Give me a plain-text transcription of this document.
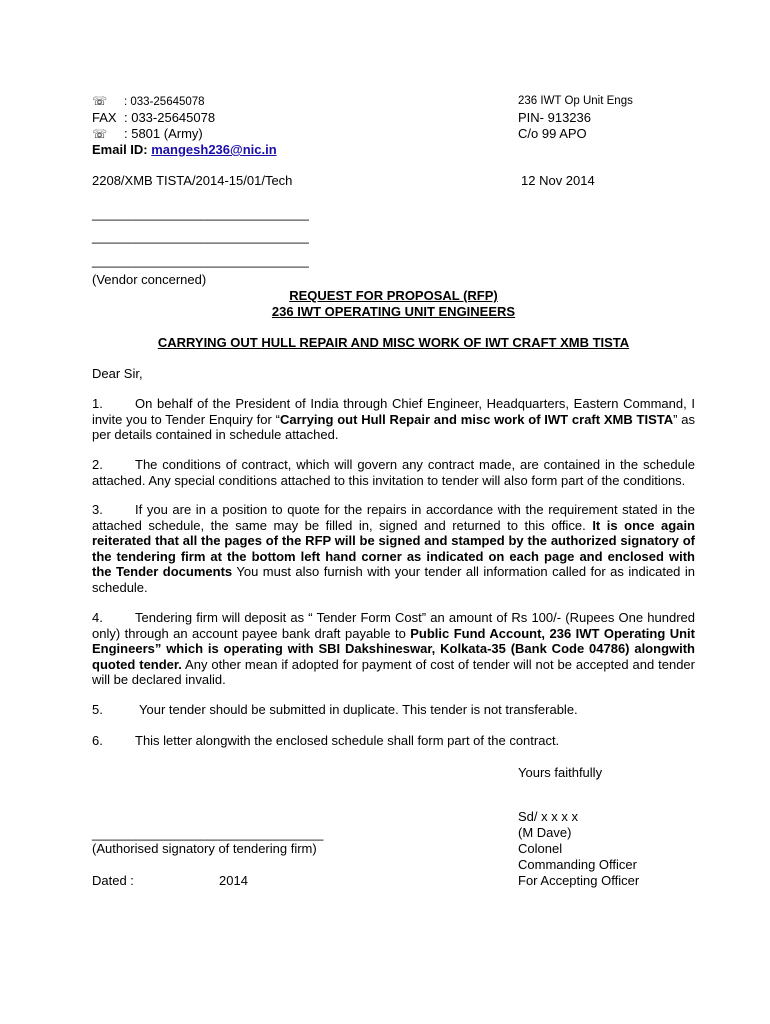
☏ : 033-25645078
FAX : 033-25645078
☏ : 5801 (Army)
Email ID: mangesh236@nic.in
236 IWT Op Unit Engs
PIN- 913236
C/o 99 APO
2208/XMB TISTA/2014-15/01/Tech	12 Nov 2014
______________________________
______________________________
______________________________
(Vendor concerned)
REQUEST FOR PROPOSAL (RFP)
236 IWT OPERATING UNIT ENGINEERS
CARRYING OUT HULL REPAIR AND MISC WORK OF IWT CRAFT XMB TISTA
Dear Sir,
1. On behalf of the President of India through Chief Engineer, Headquarters, Eastern Command, I invite you to Tender Enquiry for “Carrying out Hull Repair and misc work of IWT craft XMB TISTA” as per details contained in schedule attached.
2. The conditions of contract, which will govern any contract made, are contained in the schedule attached. Any special conditions attached to this invitation to tender will also form part of the conditions.
3. If you are in a position to quote for the repairs in accordance with the requirement stated in the attached schedule, the same may be filled in, signed and returned to this office. It is once again reiterated that all the pages of the RFP will be signed and stamped by the authorized signatory of the tendering firm at the bottom left hand corner as indicated on each page and enclosed with the Tender documents You must also furnish with your tender all information called for as indicated in schedule.
4. Tendering firm will deposit as “ Tender Form Cost” an amount of Rs 100/- (Rupees One hundred only) through an account payee bank draft payable to Public Fund Account, 236 IWT Operating Unit Engineers” which is operating with SBI Dakshineswar, Kolkata-35 (Bank Code 04786) alongwith quoted tender. Any other mean if adopted for payment of cost of tender will not be accepted and tender will be declared invalid.
5.	Your tender should be submitted in duplicate. This tender is not transferable.
6. This letter alongwith the enclosed schedule shall form part of the contract.
Yours faithfully
Sd/ x x x x
(M Dave)
Colonel
Commanding Officer
For Accepting Officer
________________________________
(Authorised signatory of tendering firm)
Dated :	2014
